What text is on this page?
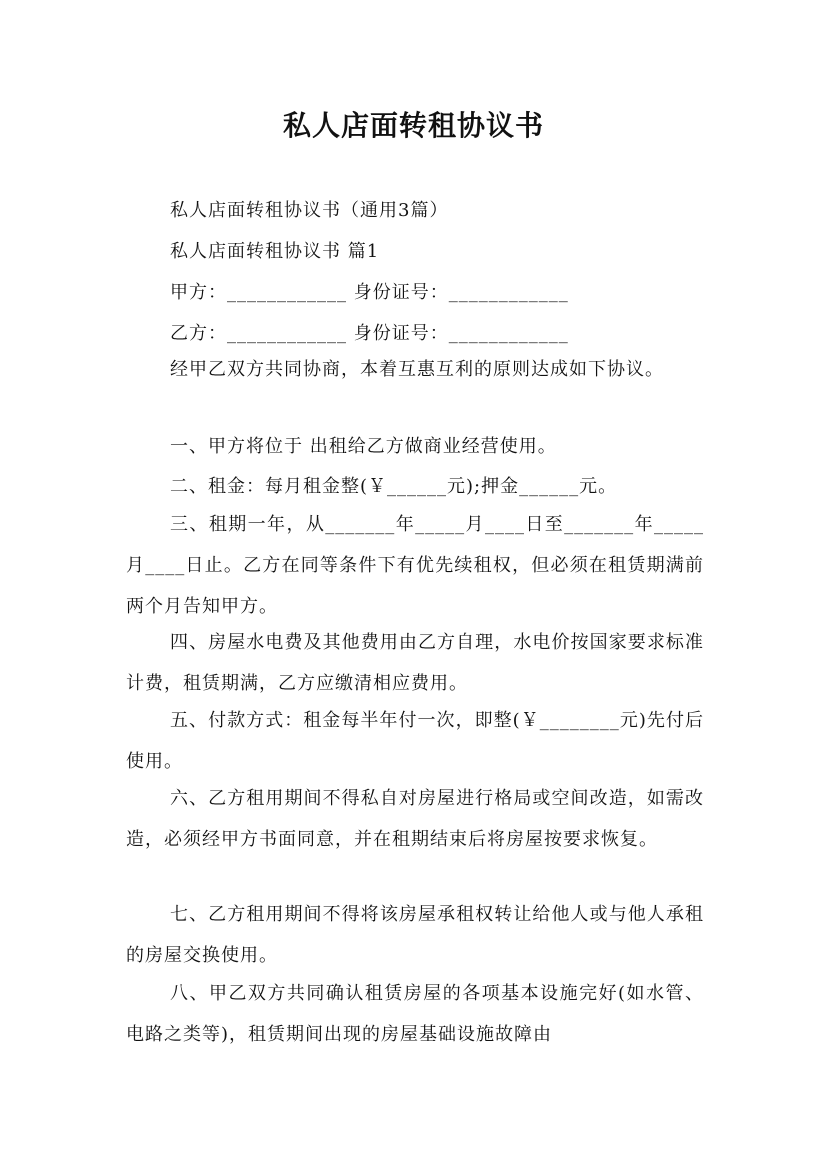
私人店面转租协议书
私人店面转租协议书（通用3篇）
私人店面转租协议书 篇1
甲方：____________ 身份证号：____________
乙方：____________ 身份证号：____________
经甲乙双方共同协商，本着互惠互利的原则达成如下协议。
一、甲方将位于 出租给乙方做商业经营使用。
二、租金：每月租金整(￥______元);押金______元。
三、租期一年，从_______年_____月____日至_______年_____月____日止。乙方在同等条件下有优先续租权，但必须在租赁期满前两个月告知甲方。
四、房屋水电费及其他费用由乙方自理，水电价按国家要求标准计费，租赁期满，乙方应缴清相应费用。
五、付款方式：租金每半年付一次，即整(￥________元)先付后使用。
六、乙方租用期间不得私自对房屋进行格局或空间改造，如需改造，必须经甲方书面同意，并在租期结束后将房屋按要求恢复。
七、乙方租用期间不得将该房屋承租权转让给他人或与他人承租的房屋交换使用。
八、甲乙双方共同确认租赁房屋的各项基本设施完好(如水管、电路之类等)，租赁期间出现的房屋基础设施故障由
